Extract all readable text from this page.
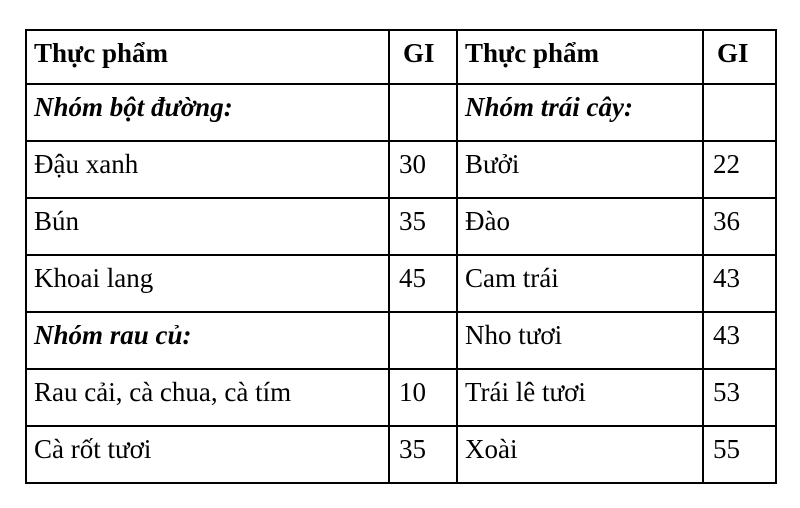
Thực phẩm	GI	Thực phẩm	GI
Nhóm bột đường:		Nhóm trái cây:	
Đậu xanh	30	Bưởi	22
Bún	35	Đào	36
Khoai lang	45	Cam trái	43
Nhóm rau củ:		Nho tươi	43
Rau cải, cà chua, cà tím	10	Trái lê tươi	53
Cà rốt tươi	35	Xoài	55
